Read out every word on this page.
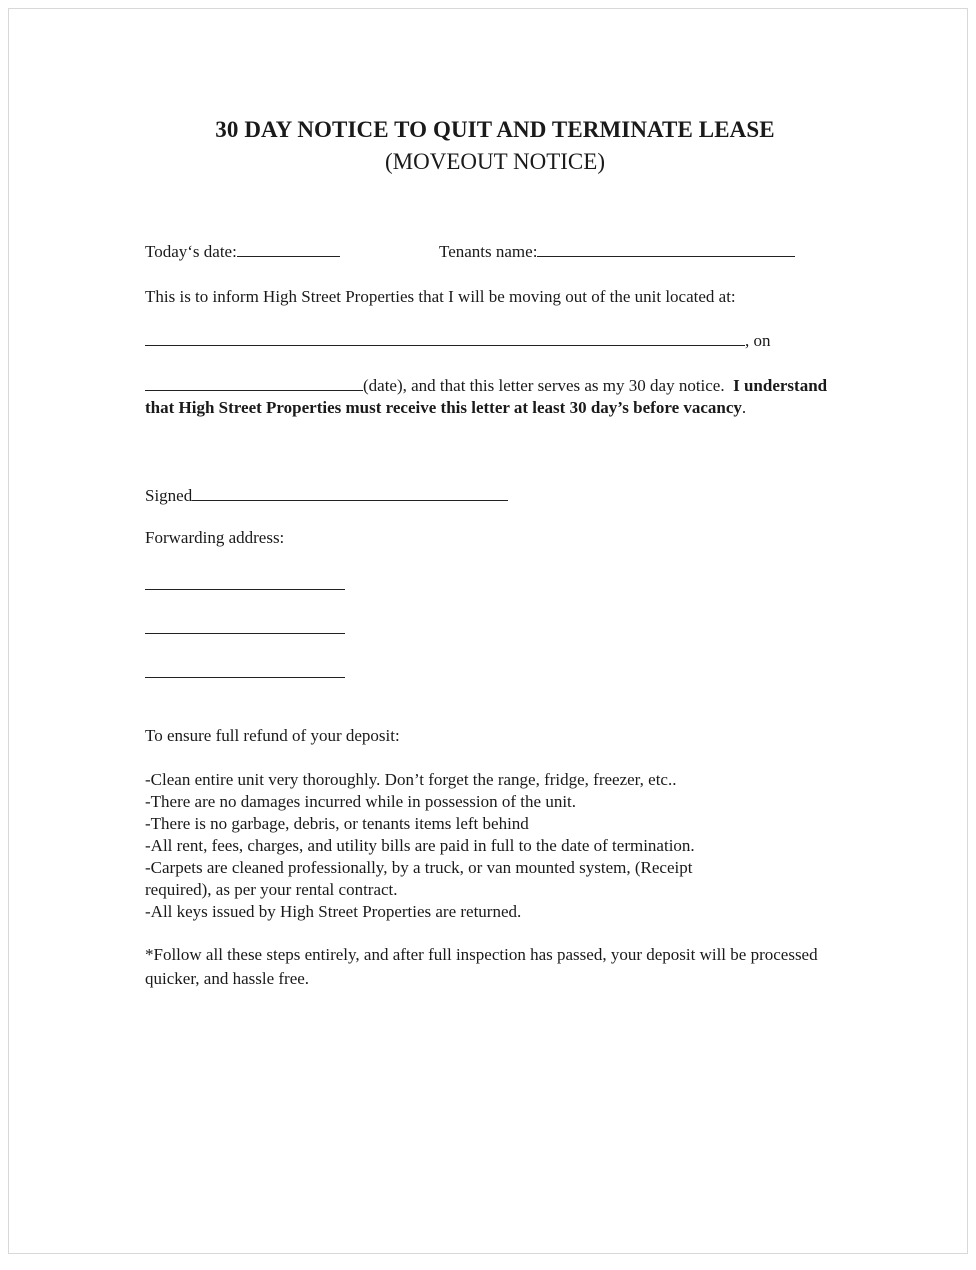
30 DAY NOTICE TO QUIT AND TERMINATE LEASE
(MOVEOUT NOTICE)
Today‘s date:	Tenants name:
This is to inform High Street Properties that I will be moving out of the unit located at:
, on
(date), and that this letter serves as my 30 day notice. I understand that High Street Properties must receive this letter at least 30 day’s before vacancy.
Signed
Forwarding address:
To ensure full refund of your deposit:
-Clean entire unit very thoroughly. Don’t forget the range, fridge, freezer, etc..
-There are no damages incurred while in possession of the unit.
-There is no garbage, debris, or tenants items left behind
-All rent, fees, charges, and utility bills are paid in full to the date of termination.
-Carpets are cleaned professionally, by a truck, or van mounted system, (Receipt
required), as per your rental contract.
-All keys issued by High Street Properties are returned.
*Follow all these steps entirely, and after full inspection has passed, your deposit will be processed quicker, and hassle free.
